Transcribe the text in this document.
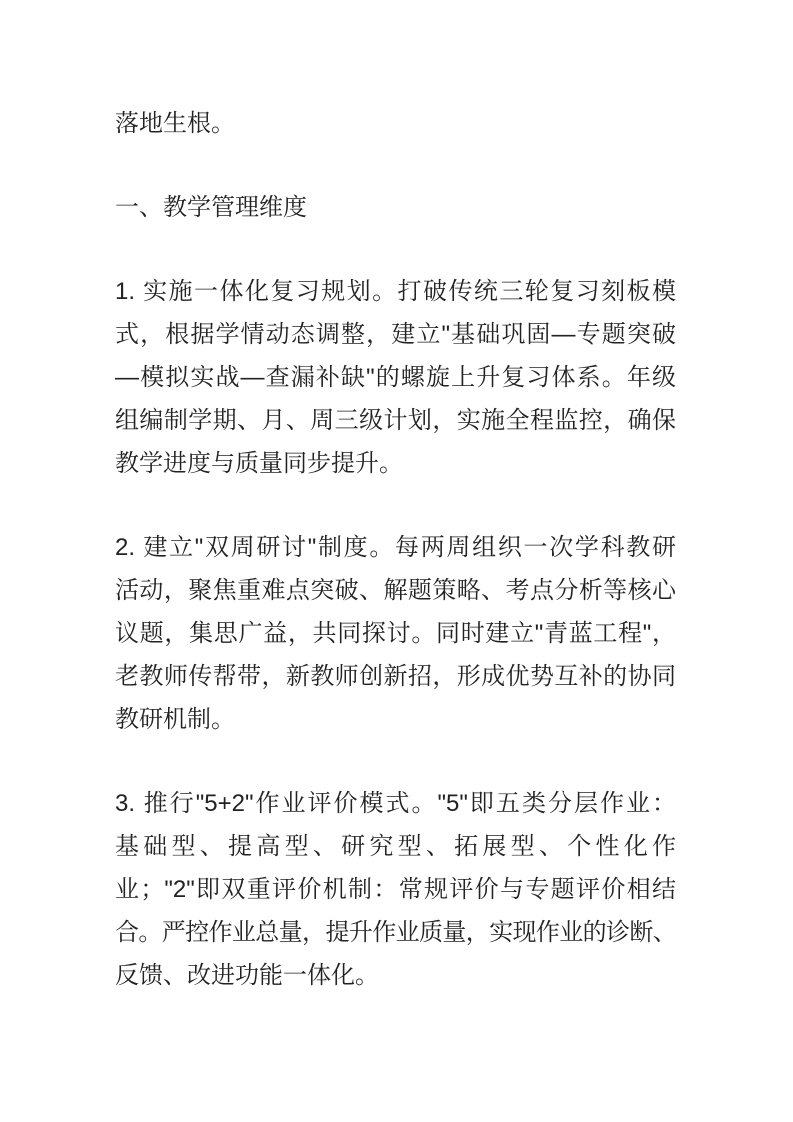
落地生根。
一、教学管理维度
1. 实施一体化复习规划。打破传统三轮复习刻板模
式，根据学情动态调整，建立"基础巩固—专题突破
—模拟实战—查漏补缺"的螺旋上升复习体系。年级
组编制学期、月、周三级计划，实施全程监控，确保
教学进度与质量同步提升。
2. 建立"双周研讨"制度。每两周组织一次学科教研
活动，聚焦重难点突破、解题策略、考点分析等核心
议题，集思广益，共同探讨。同时建立"青蓝工程"，
老教师传帮带，新教师创新招，形成优势互补的协同
教研机制。
3. 推行"5+2"作业评价模式。"5"即五类分层作业：
基础型、提高型、研究型、拓展型、个性化作
业；"2"即双重评价机制：常规评价与专题评价相结
合。严控作业总量，提升作业质量，实现作业的诊断、
反馈、改进功能一体化。
